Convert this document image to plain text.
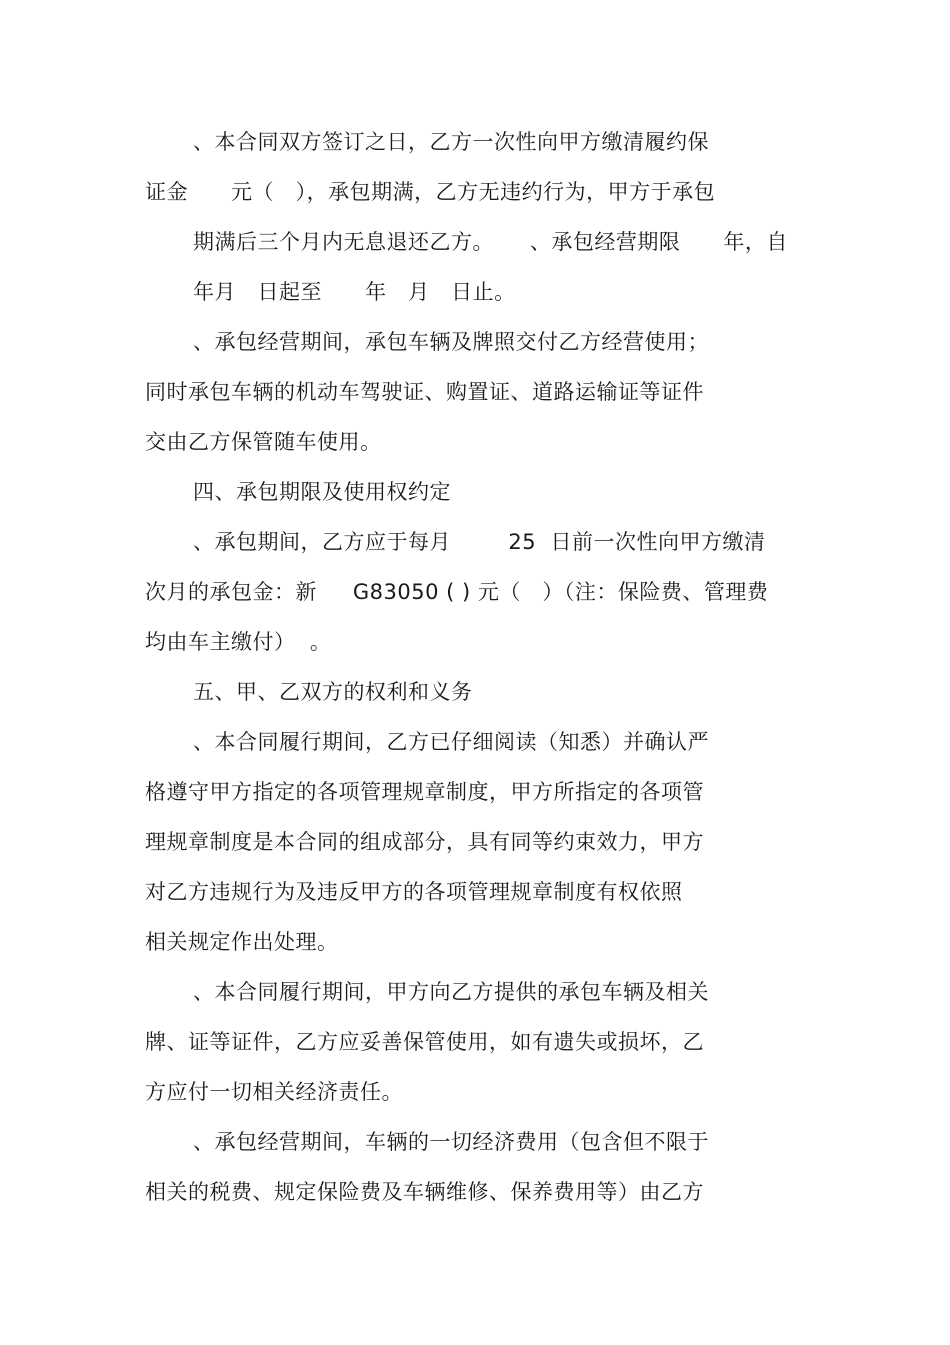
、本合同双方签订之日，乙方一次性向甲方缴清履约保
证金      元（   ），承包期满，乙方无违约行为，甲方于承包
期满后三个月内无息退还乙方。     、承包经营期限      年，自
年月   日起至      年   月   日止。
、承包经营期间，承包车辆及牌照交付乙方经营使用；
同时承包车辆的机动车驾驶证、购置证、道路运输证等证件
交由乙方保管随车使用。
四、承包期限及使用权约定
、承包期间，乙方应于每月        25  日前一次性向甲方缴清
次月的承包金：新     G83050 ( ) 元（   ）（注：保险费、管理费
均由车主缴付）  。
五、甲、乙双方的权利和义务
、本合同履行期间，乙方已仔细阅读（知悉）并确认严
格遵守甲方指定的各项管理规章制度，甲方所指定的各项管
理规章制度是本合同的组成部分，具有同等约束效力，甲方
对乙方违规行为及违反甲方的各项管理规章制度有权依照
相关规定作出处理。
、本合同履行期间，甲方向乙方提供的承包车辆及相关
牌、证等证件，乙方应妥善保管使用，如有遗失或损坏，乙
方应付一切相关经济责任。
、承包经营期间，车辆的一切经济费用（包含但不限于
相关的税费、规定保险费及车辆维修、保养费用等）由乙方
